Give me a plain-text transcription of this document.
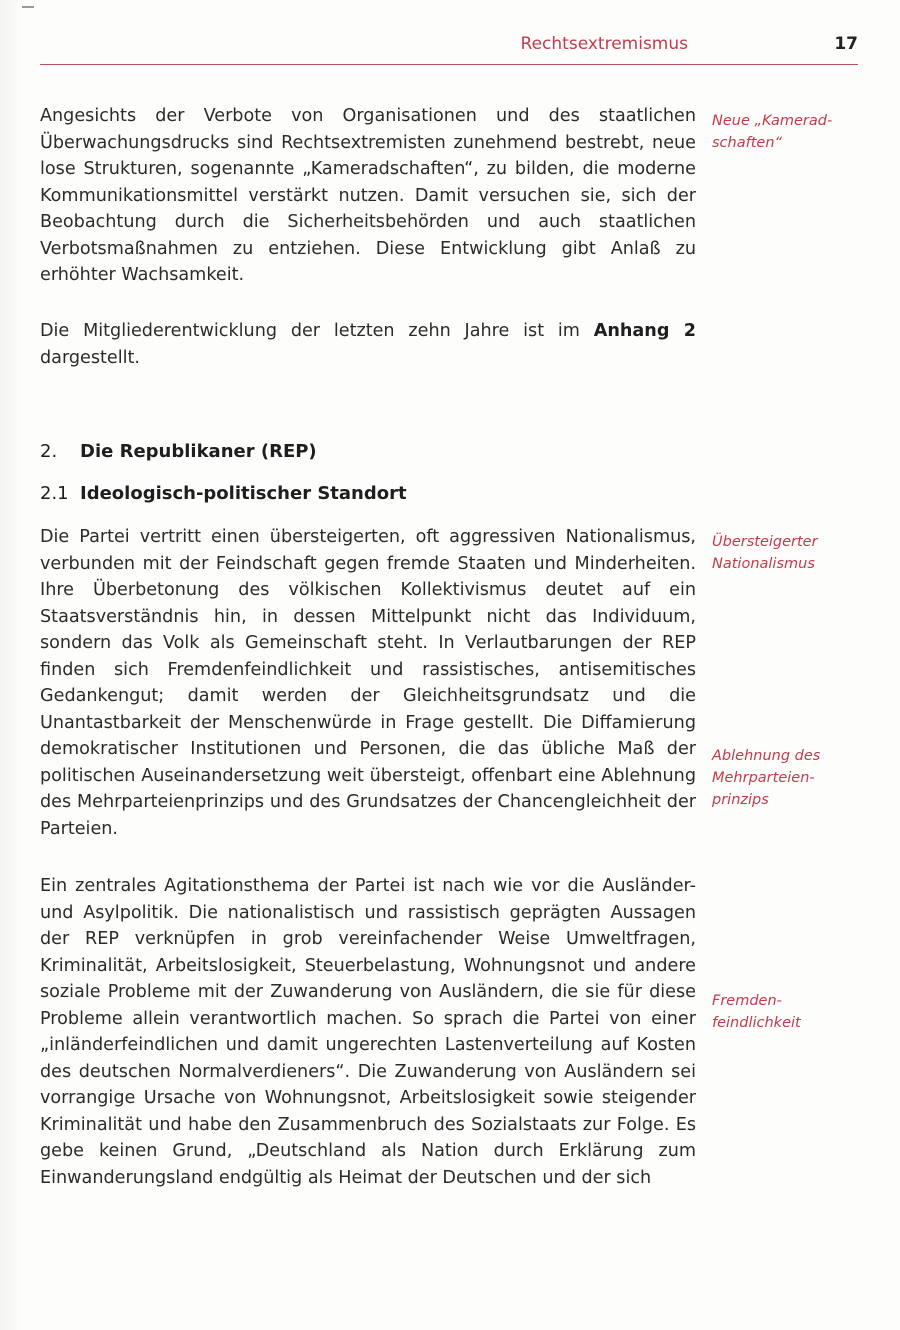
Rechtsextremismus	17

Angesichts der Verbote von Organisationen und des staatlichen Überwachungsdrucks sind Rechtsextremisten zunehmend bestrebt, neue lose Strukturen, sogenannte „Kameradschaften“, zu bilden, die moderne Kommunikationsmittel verstärkt nutzen. Damit versuchen sie, sich der Beobachtung durch die Sicherheitsbehörden und auch staatlichen Verbotsmaßnahmen zu entziehen. Diese Entwicklung gibt Anlaß zu erhöhter Wachsamkeit.

Neue „Kamerad-
schaften“

Die Mitgliederentwicklung der letzten zehn Jahre ist im Anhang 2 dargestellt.

2. Die Republikaner (REP)
2.1 Ideologisch-politischer Standort

Die Partei vertritt einen übersteigerten, oft aggressiven Nationalismus, verbunden mit der Feindschaft gegen fremde Staaten und Minderheiten. Ihre Überbetonung des völkischen Kollektivismus deutet auf ein Staatsverständnis hin, in dessen Mittelpunkt nicht das Individuum, sondern das Volk als Gemeinschaft steht. In Verlautbarungen der REP finden sich Fremdenfeindlichkeit und rassistisches, antisemitisches Gedankengut; damit werden der Gleichheitsgrundsatz und die Unantastbarkeit der Menschenwürde in Frage gestellt. Die Diffamierung demokratischer Institutionen und Personen, die das übliche Maß der politischen Auseinandersetzung weit übersteigt, offenbart eine Ablehnung des Mehrparteienprinzips und des Grundsatzes der Chancengleichheit der Parteien.

Übersteigerter
Nationalismus
Ablehnung des
Mehrparteien-
prinzips

Ein zentrales Agitationsthema der Partei ist nach wie vor die Ausländer- und Asylpolitik. Die nationalistisch und rassistisch geprägten Aussagen der REP verknüpfen in grob vereinfachender Weise Umweltfragen, Kriminalität, Arbeitslosigkeit, Steuerbelastung, Wohnungsnot und andere soziale Probleme mit der Zuwanderung von Ausländern, die sie für diese Probleme allein verantwortlich machen. So sprach die Partei von einer „inländerfeindlichen und damit ungerechten Lastenverteilung auf Kosten des deutschen Normalverdieners“. Die Zuwanderung von Ausländern sei vorrangige Ursache von Wohnungsnot, Arbeitslosigkeit sowie steigender Kriminalität und habe den Zusammenbruch des Sozialstaats zur Folge. Es gebe keinen Grund, „Deutschland als Nation durch Erklärung zum Einwanderungsland endgültig als Heimat der Deutschen und der sich

Fremden-
feindlichkeit
